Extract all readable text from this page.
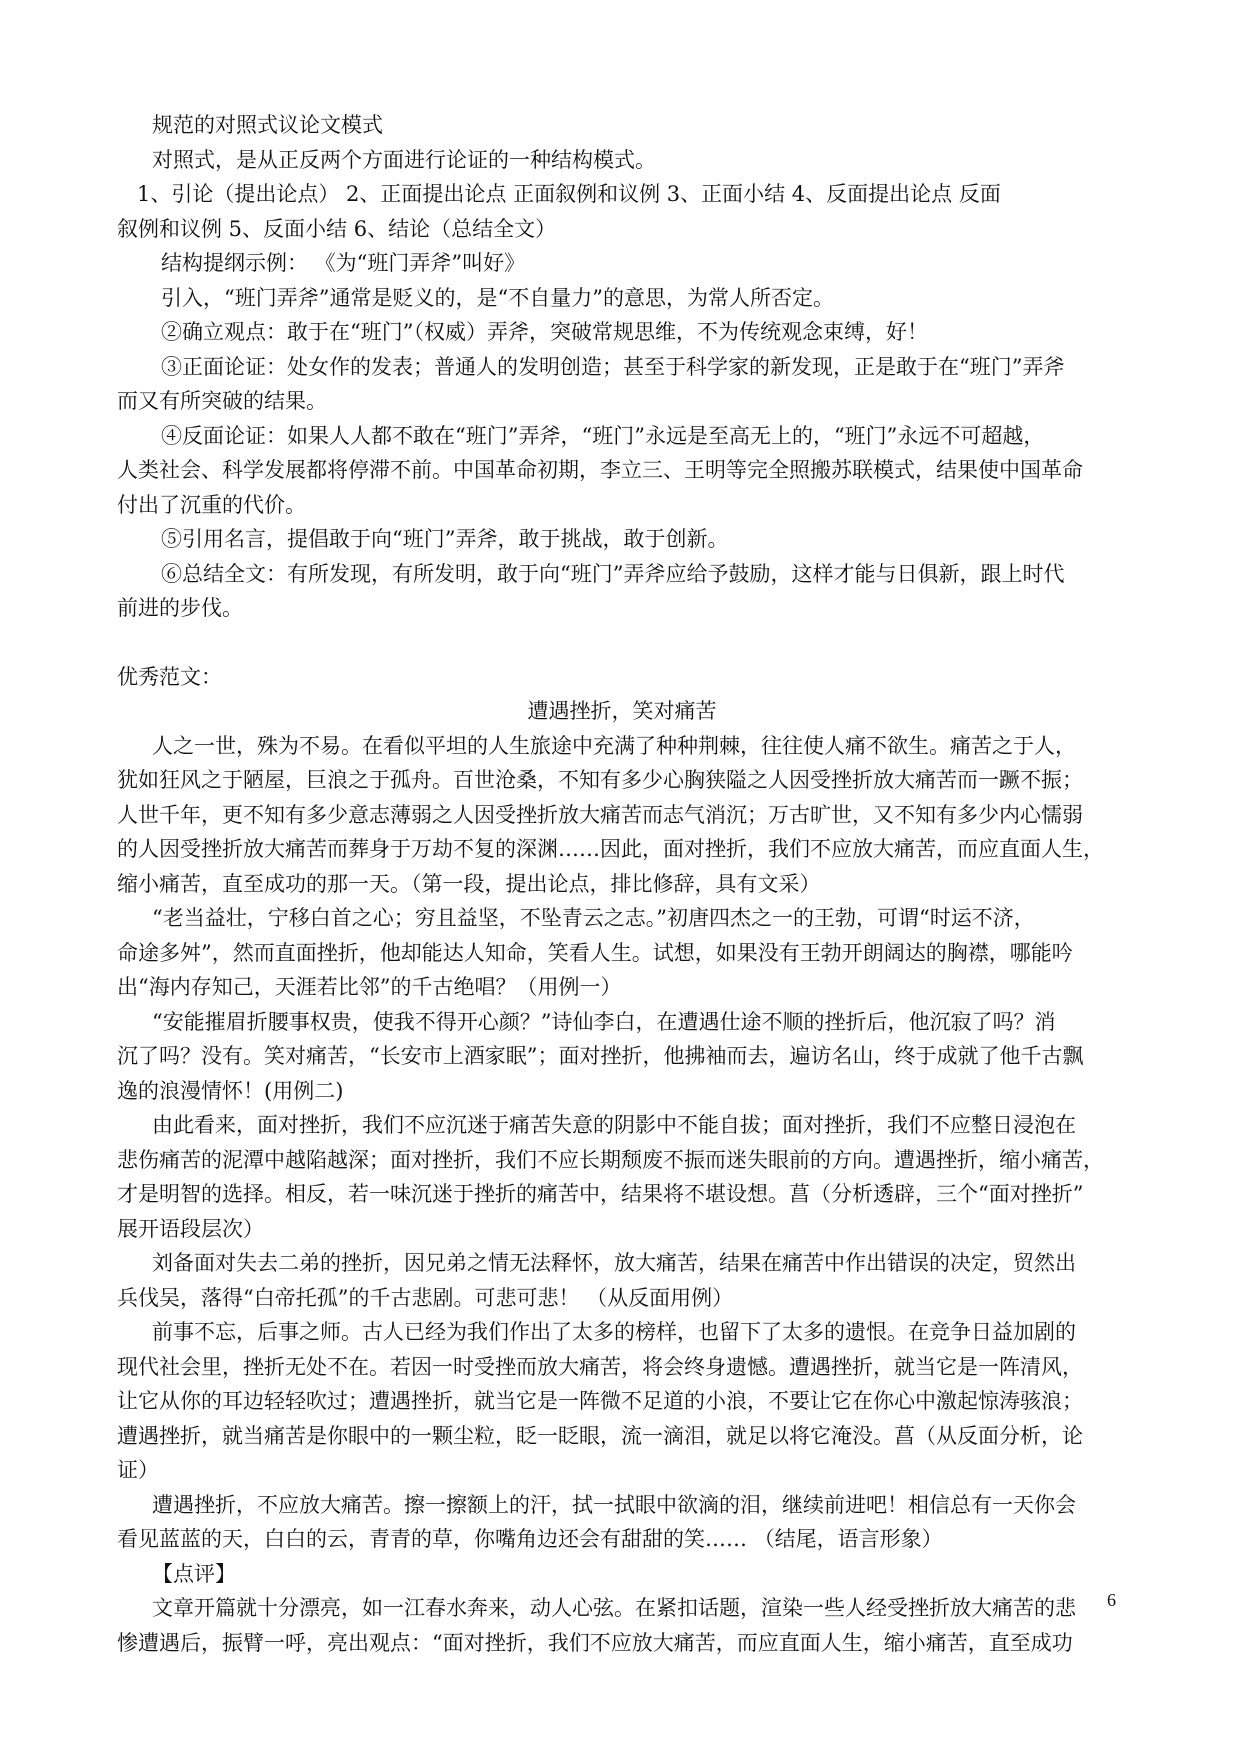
规范的对照式议论文模式
对照式，是从正反两个方面进行论证的一种结构模式。
1、引论（提出论点） 2、正面提出论点 正面叙例和议例 3、正面小结 4、反面提出论点 反面
叙例和议例 5、反面小结 6、结论（总结全文）
结构提纲示例： 《为“班门弄斧”叫好》
引入，“班门弄斧”通常是贬义的，是“不自量力”的意思，为常人所否定。
②确立观点：敢于在“班门”（权威）弄斧，突破常规思维，不为传统观念束缚，好！
③正面论证：处女作的发表；普通人的发明创造；甚至于科学家的新发现，正是敢于在“班门”弄斧
而又有所突破的结果。
④反面论证：如果人人都不敢在“班门”弄斧，“班门”永远是至高无上的，“班门”永远不可超越，
人类社会、科学发展都将停滞不前。中国革命初期，李立三、王明等完全照搬苏联模式，结果使中国革命
付出了沉重的代价。
⑤引用名言，提倡敢于向“班门”弄斧，敢于挑战，敢于创新。
⑥总结全文：有所发现，有所发明，敢于向“班门”弄斧应给予鼓励，这样才能与日俱新，跟上时代
前进的步伐。
优秀范文：
遭遇挫折，笑对痛苦
人之一世，殊为不易。在看似平坦的人生旅途中充满了种种荆棘，往往使人痛不欲生。痛苦之于人，
犹如狂风之于陋屋，巨浪之于孤舟。百世沧桑，不知有多少心胸狭隘之人因受挫折放大痛苦而一蹶不振；
人世千年，更不知有多少意志薄弱之人因受挫折放大痛苦而志气消沉；万古旷世，又不知有多少内心懦弱
的人因受挫折放大痛苦而葬身于万劫不复的深渊……因此，面对挫折，我们不应放大痛苦，而应直面人生，
缩小痛苦，直至成功的那一天。（第一段，提出论点，排比修辞，具有文采）
“老当益壮，宁移白首之心；穷且益坚，不坠青云之志。”初唐四杰之一的王勃，可谓“时运不济，
命途多舛”，然而直面挫折，他却能达人知命，笑看人生。试想，如果没有王勃开朗阔达的胸襟，哪能吟
出“海内存知己，天涯若比邻”的千古绝唱？（用例一）
“安能摧眉折腰事权贵，使我不得开心颜？”诗仙李白，在遭遇仕途不顺的挫折后，他沉寂了吗？消
沉了吗？没有。笑对痛苦，“长安市上酒家眠”；面对挫折，他拂袖而去，遍访名山，终于成就了他千古飘
逸的浪漫情怀！(用例二)
由此看来，面对挫折，我们不应沉迷于痛苦失意的阴影中不能自拔；面对挫折，我们不应整日浸泡在
悲伤痛苦的泥潭中越陷越深；面对挫折，我们不应长期颓废不振而迷失眼前的方向。遭遇挫折，缩小痛苦，
才是明智的选择。相反，若一味沉迷于挫折的痛苦中，结果将不堪设想。菖（分析透辟，三个“面对挫折”
展开语段层次）
刘备面对失去二弟的挫折，因兄弟之情无法释怀，放大痛苦，结果在痛苦中作出错误的决定，贸然出
兵伐吴，落得“白帝托孤”的千古悲剧。可悲可悲！ （从反面用例）
前事不忘，后事之师。古人已经为我们作出了太多的榜样，也留下了太多的遗恨。在竞争日益加剧的
现代社会里，挫折无处不在。若因一时受挫而放大痛苦，将会终身遗憾。遭遇挫折，就当它是一阵清风，
让它从你的耳边轻轻吹过；遭遇挫折，就当它是一阵微不足道的小浪，不要让它在你心中激起惊涛骇浪；
遭遇挫折，就当痛苦是你眼中的一颗尘粒，眨一眨眼，流一滴泪，就足以将它淹没。菖（从反面分析，论
证）
遭遇挫折，不应放大痛苦。擦一擦额上的汗，拭一拭眼中欲滴的泪，继续前进吧！相信总有一天你会
看见蓝蓝的天，白白的云，青青的草，你嘴角边还会有甜甜的笑…… （结尾，语言形象）
【点评】
文章开篇就十分漂亮，如一江春水奔来，动人心弦。在紧扣话题，渲染一些人经受挫折放大痛苦的悲
惨遭遇后，振臂一呼，亮出观点：“面对挫折，我们不应放大痛苦，而应直面人生，缩小痛苦，直至成功
6
